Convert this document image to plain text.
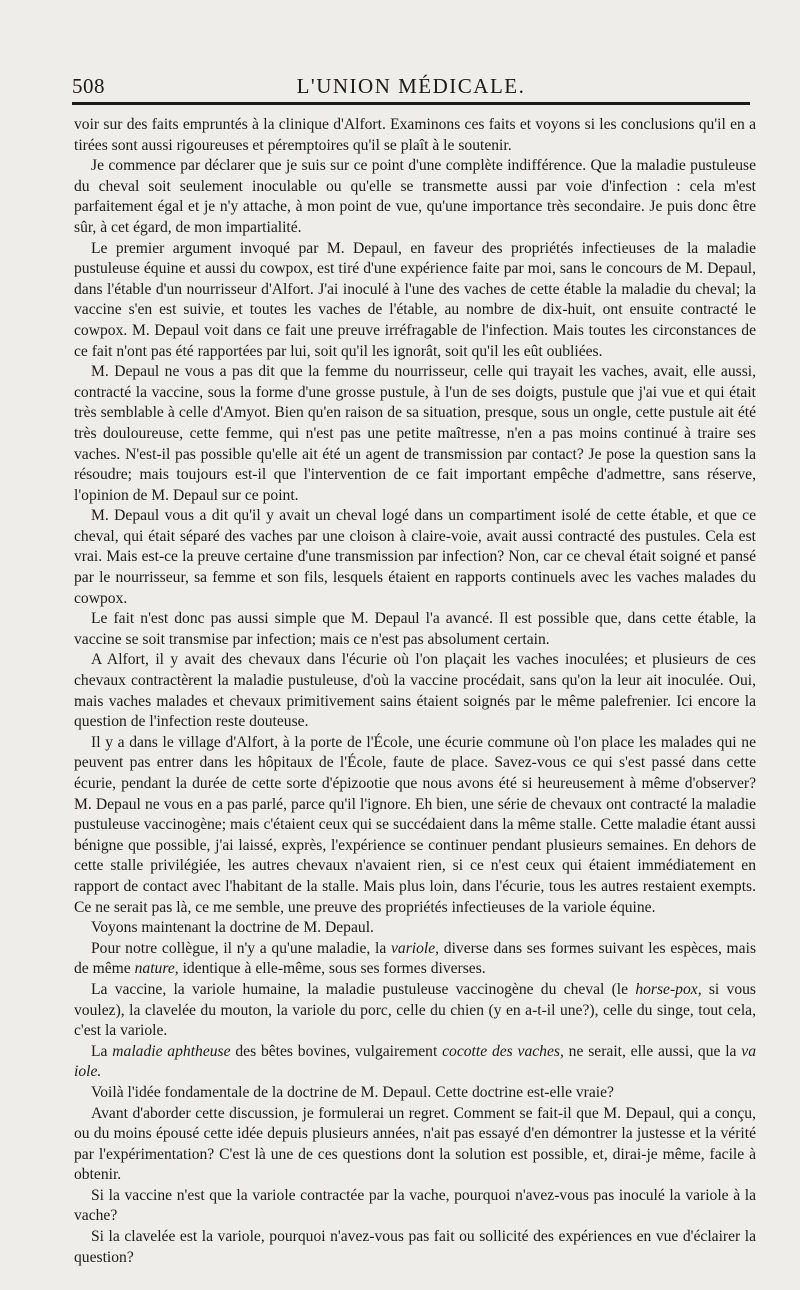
508	L'UNION MÉDICALE.

voir sur des faits empruntés à la clinique d'Alfort. Examinons ces faits et voyons si les conclusions qu'il en a tirées sont aussi rigoureuses et péremptoires qu'il se plaît à le soutenir.

Je commence par déclarer que je suis sur ce point d'une complète indifférence. Que la maladie pustuleuse du cheval soit seulement inoculable ou qu'elle se transmette aussi par voie d'infection : cela m'est parfaitement égal et je n'y attache, à mon point de vue, qu'une importance très secondaire. Je puis donc être sûr, à cet égard, de mon impartialité.

Le premier argument invoqué par M. Depaul, en faveur des propriétés infectieuses de la maladie pustuleuse équine et aussi du cowpox, est tiré d'une expérience faite par moi, sans le concours de M. Depaul, dans l'étable d'un nourrisseur d'Alfort. J'ai inoculé à l'une des vaches de cette étable la maladie du cheval; la vaccine s'en est suivie, et toutes les vaches de l'étable, au nombre de dix-huit, ont ensuite contracté le cowpox. M. Depaul voit dans ce fait une preuve irréfragable de l'infection. Mais toutes les circonstances de ce fait n'ont pas été rapportées par lui, soit qu'il les ignorât, soit qu'il les eût oubliées.

M. Depaul ne vous a pas dit que la femme du nourrisseur, celle qui trayait les vaches, avait, elle aussi, contracté la vaccine, sous la forme d'une grosse pustule, à l'un de ses doigts, pustule que j'ai vue et qui était très semblable à celle d'Amyot. Bien qu'en raison de sa situation, presque, sous un ongle, cette pustule ait été très douloureuse, cette femme, qui n'est pas une petite maîtresse, n'en a pas moins continué à traire ses vaches. N'est-il pas possible qu'elle ait été un agent de transmission par contact? Je pose la question sans la résoudre; mais toujours est-il que l'intervention de ce fait important empêche d'admettre, sans réserve, l'opinion de M. Depaul sur ce point.

M. Depaul vous a dit qu'il y avait un cheval logé dans un compartiment isolé de cette étable, et que ce cheval, qui était séparé des vaches par une cloison à claire-voie, avait aussi contracté des pustules. Cela est vrai. Mais est-ce la preuve certaine d'une transmission par infection? Non, car ce cheval était soigné et pansé par le nourrisseur, sa femme et son fils, lesquels étaient en rapports continuels avec les vaches malades du cowpox.

Le fait n'est donc pas aussi simple que M. Depaul l'a avancé. Il est possible que, dans cette étable, la vaccine se soit transmise par infection; mais ce n'est pas absolument certain.

A Alfort, il y avait des chevaux dans l'écurie où l'on plaçait les vaches inoculées; et plusieurs de ces chevaux contractèrent la maladie pustuleuse, d'où la vaccine procédait, sans qu'on la leur ait inoculée. Oui, mais vaches malades et chevaux primitivement sains étaient soignés par le même palefrenier. Ici encore la question de l'infection reste douteuse.

Il y a dans le village d'Alfort, à la porte de l'École, une écurie commune où l'on place les malades qui ne peuvent pas entrer dans les hôpitaux de l'École, faute de place. Savez-vous ce qui s'est passé dans cette écurie, pendant la durée de cette sorte d'épizootie que nous avons été si heureusement à même d'observer? M. Depaul ne vous en a pas parlé, parce qu'il l'ignore. Eh bien, une série de chevaux ont contracté la maladie pustuleuse vaccinogène; mais c'étaient ceux qui se succédaient dans la même stalle. Cette maladie étant aussi bénigne que possible, j'ai laissé, exprès, l'expérience se continuer pendant plusieurs semaines. En dehors de cette stalle privilégiée, les autres chevaux n'avaient rien, si ce n'est ceux qui étaient immédiatement en rapport de contact avec l'habitant de la stalle. Mais plus loin, dans l'écurie, tous les autres restaient exempts. Ce ne serait pas là, ce me semble, une preuve des propriétés infectieuses de la variole équine.

Voyons maintenant la doctrine de M. Depaul.

Pour notre collègue, il n'y a qu'une maladie, la variole, diverse dans ses formes suivant les espèces, mais de même nature, identique à elle-même, sous ses formes diverses.

La vaccine, la variole humaine, la maladie pustuleuse vaccinogène du cheval (le horse-pox, si vous voulez), la clavelée du mouton, la variole du porc, celle du chien (y en a-t-il une?), celle du singe, tout cela, c'est la variole.

La maladie aphtheuse des bêtes bovines, vulgairement cocotte des vaches, ne serait, elle aussi, que la va iole.

Voilà l'idée fondamentale de la doctrine de M. Depaul. Cette doctrine est-elle vraie?

Avant d'aborder cette discussion, je formulerai un regret. Comment se fait-il que M. Depaul, qui a conçu, ou du moins épousé cette idée depuis plusieurs années, n'ait pas essayé d'en démontrer la justesse et la vérité par l'expérimentation? C'est là une de ces questions dont la solution est possible, et, dirai-je même, facile à obtenir.

Si la vaccine n'est que la variole contractée par la vache, pourquoi n'avez-vous pas inoculé la variole à la vache?

Si la clavelée est la variole, pourquoi n'avez-vous pas fait ou sollicité des expériences en vue d'éclairer la question?
